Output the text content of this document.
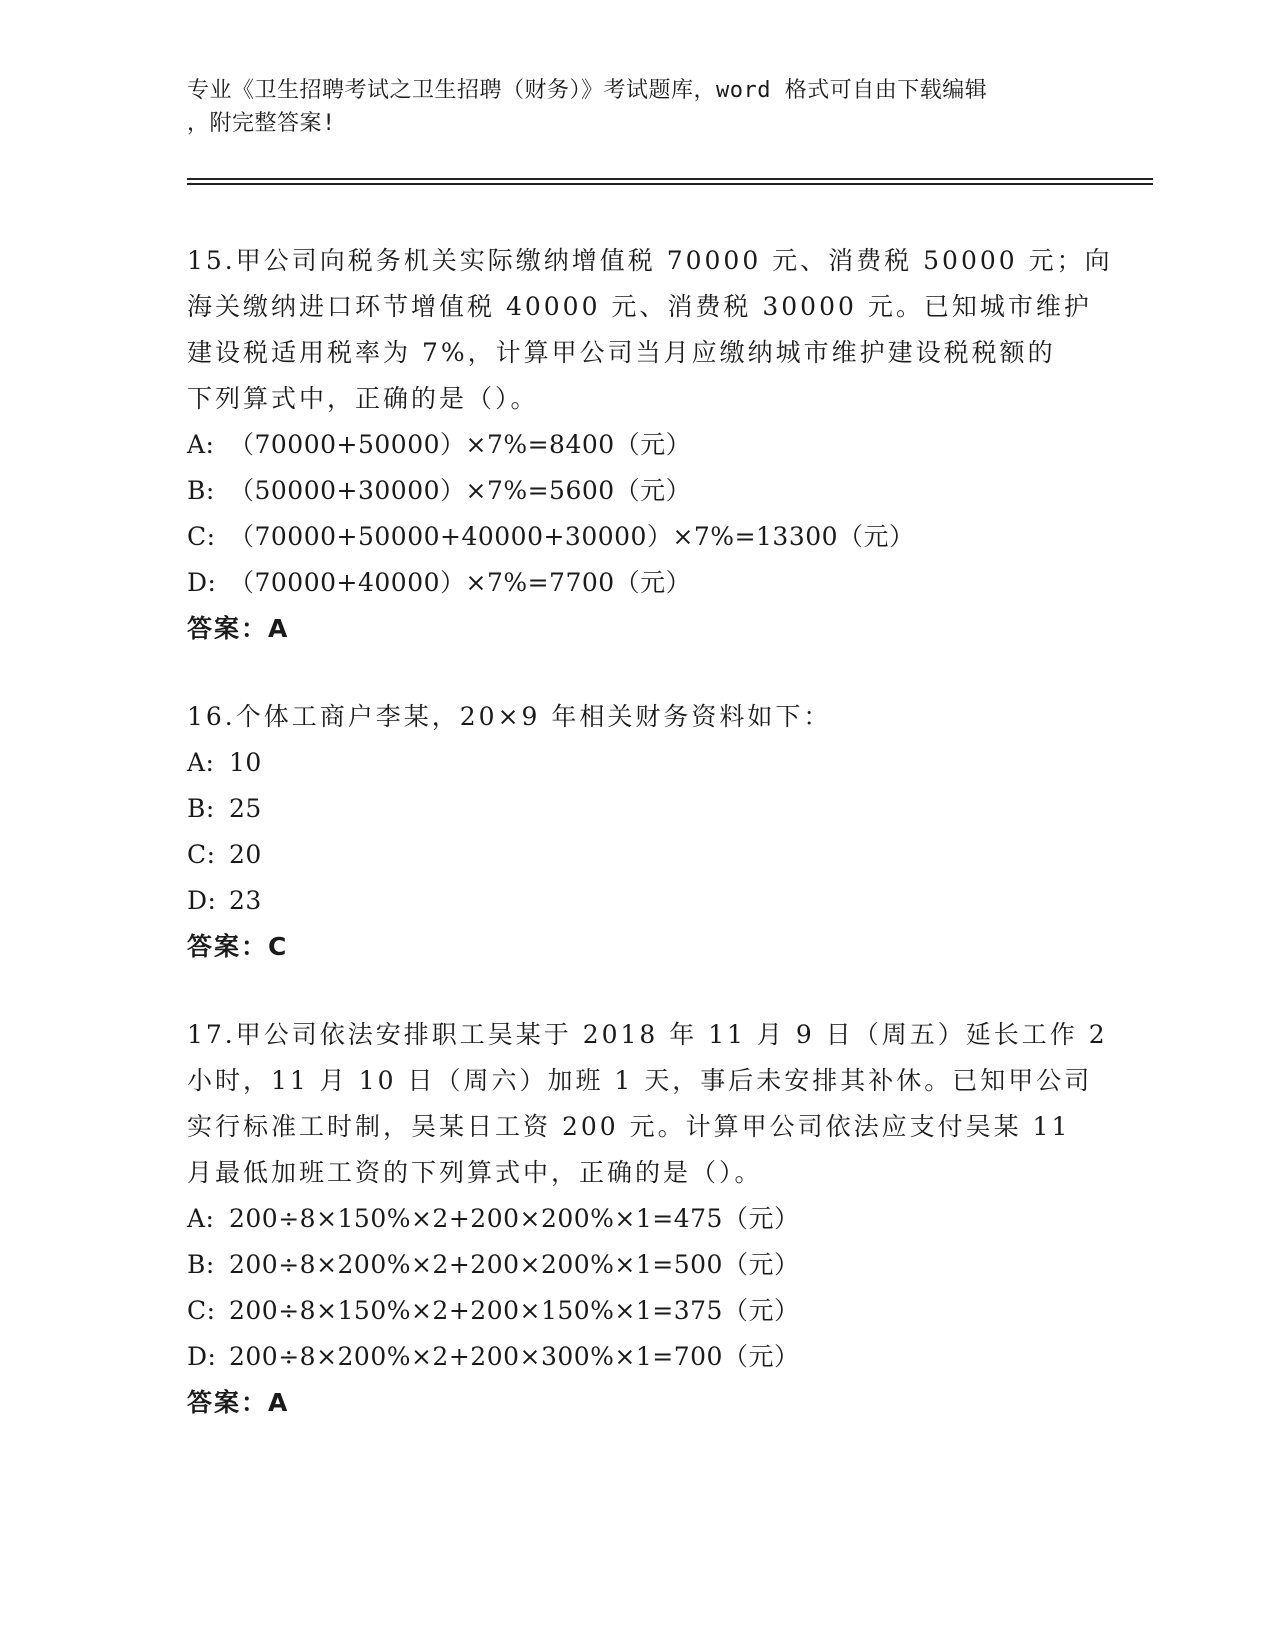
专业《卫生招聘考试之卫生招聘（财务）》考试题库，word 格式可自由下载编辑
，附完整答案!
15.甲公司向税务机关实际缴纳增值税 70000 元、消费税 50000 元；向
海关缴纳进口环节增值税 40000 元、消费税 30000 元。已知城市维护
建设税适用税率为 7%，计算甲公司当月应缴纳城市维护建设税税额的
下列算式中，正确的是（）。
A: （70000+50000）×7%=8400（元）
B: （50000+30000）×7%=5600（元）
C: （70000+50000+40000+30000）×7%=13300（元）
D: （70000+40000）×7%=7700（元）
答案：A
16.个体工商户李某，20×9 年相关财务资料如下：
A: 10
B: 25
C: 20
D: 23
答案：C
17.甲公司依法安排职工吴某于 2018 年 11 月 9 日（周五）延长工作 2
小时，11 月 10 日（周六）加班 1 天，事后未安排其补休。已知甲公司
实行标准工时制，吴某日工资 200 元。计算甲公司依法应支付吴某 11
月最低加班工资的下列算式中，正确的是（）。
A: 200÷8×150%×2+200×200%×1=475（元）
B: 200÷8×200%×2+200×200%×1=500（元）
C: 200÷8×150%×2+200×150%×1=375（元）
D: 200÷8×200%×2+200×300%×1=700（元）
答案：A
